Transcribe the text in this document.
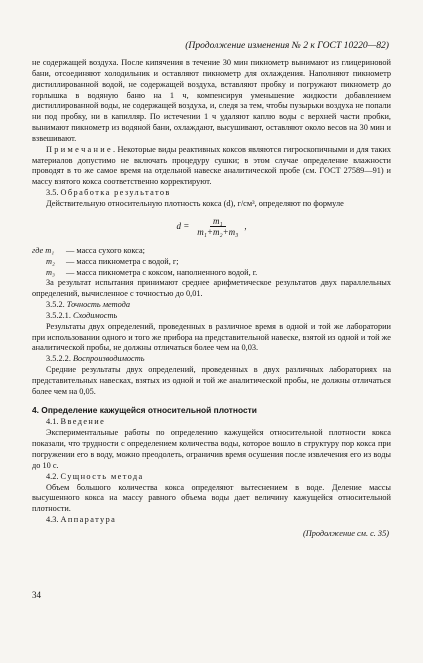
(Продолжение изменения № 2 к ГОСТ 10220—82)

не содержащей воздуха. После кипячения в течение 30 мин пикнометр вынимают из глицериновой бани, отсоединяют холодильник и оставляют пикнометр для охлаждения. Наполняют пикнометр дистиллированной водой, не содержащей воздуха, вставляют пробку и погружают пикнометр до горлышка в водяную баню на 1 ч, компенсируя уменьшение жидкости добавлением дистиллированной воды, не содержащей воздуха, и, следя за тем, чтобы пузырьки воздуха не попали ни под пробку, ни в капилляр. По истечении 1 ч удаляют каплю воды с верхней части пробки, вынимают пикнометр из водяной бани, охлаждают, высушивают, оставляют около весов на 30 мин и взвешивают.

П р и м е ч а н и е . Некоторые виды реактивных коксов являются гигроскопичными и для таких материалов допустимо не включать процедуру сушки; в этом случае определение влажности проводят в то же самое время на отдельной навеске аналитической пробе (см. ГОСТ 27589—91) и массу взятого кокса соответственно корректируют.

3.5. Обработка результатов

Действительную относительную плотность кокса (d), г/см³, определяют по формуле

$d = \frac{\text{m₁}}{\text{m₁+m₂+m₃}}$ ,
где m₁	— масса сухого кокса;
m₂	— масса пикнометра с водой, г;
m₃	— масса пикнометра с коксом, наполненного водой, г.

За результат испытания принимают среднее арифметическое результатов двух параллельных определений, вычисленное с точностью до 0,01.

3.5.2. Точность метода

3.5.2.1. Сходимость

Результаты двух определений, проведенных в различное время в одной и той же лаборатории при использовании одного и того же прибора на представительной навеске, взятой из одной и той же аналитической пробы, не должны отличаться более чем на 0,03.

3.5.2.2. Воспроизводимость

Средние результаты двух определений, проведенных в двух различных лабораториях на представительных навесках, взятых из одной и той же аналитической пробы, не должны отличаться более чем на 0,05.

4. Определение кажущейся относительной плотности

4.1. Введение

Экспериментальные работы по определению кажущейся относительной плотности кокса показали, что трудности с определением количества воды, которое вошло в структуру пор кокса при погружении его в воду, можно преодолеть, ограничив время осушения после извлечения его из воды до 10 с.

4.2. Сущность метода

Объем большого количества кокса определяют вытеснением в воде. Деление массы высушенного кокса на массу равного объема воды дает величину кажущейся относительной плотности.

4.3. Аппаратура

(Продолжение см. с. 35)
34
